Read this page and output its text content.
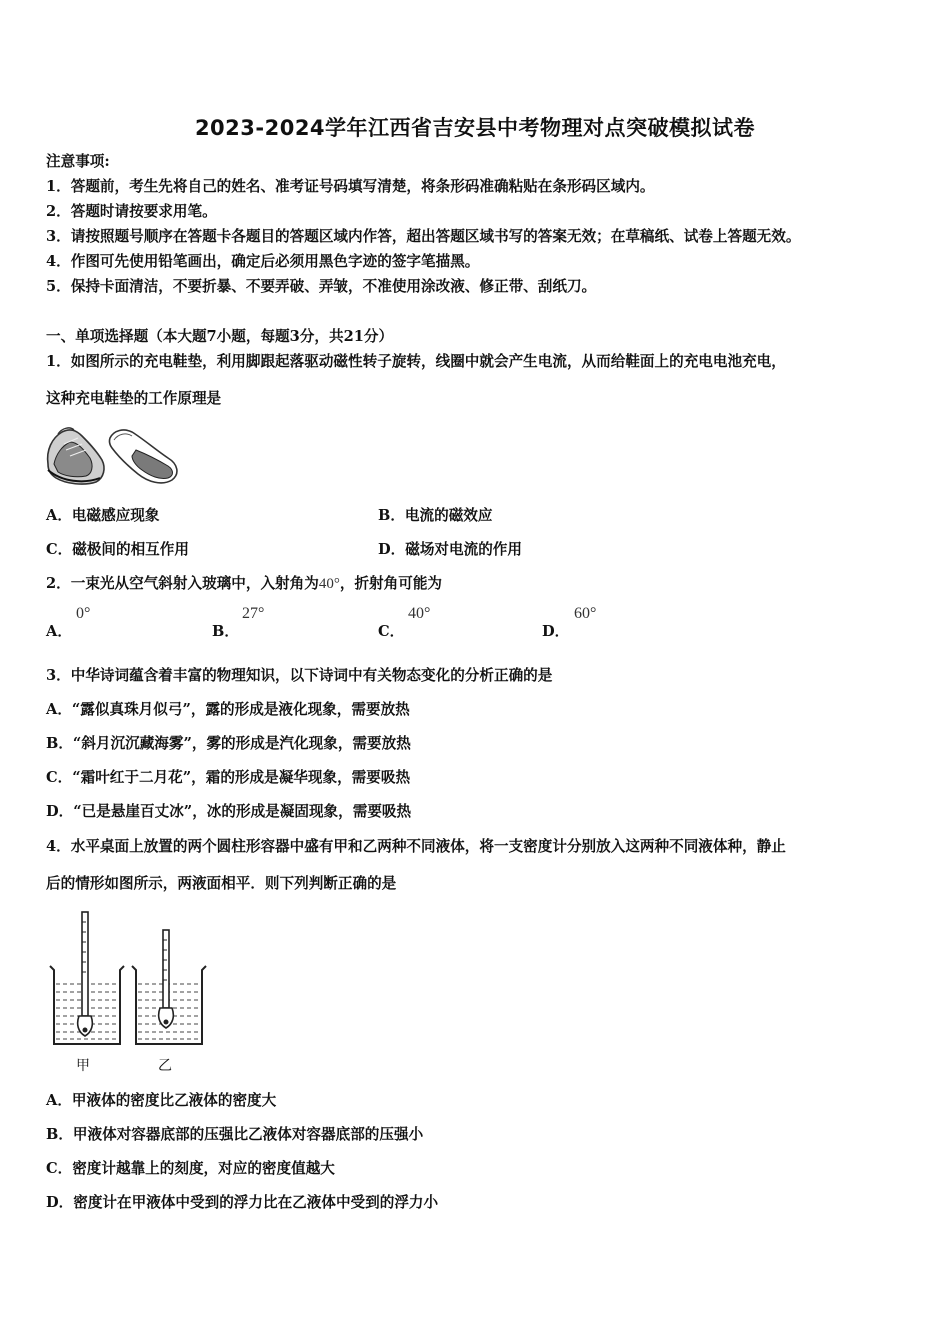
2023-2024学年江西省吉安县中考物理对点突破模拟试卷
注意事项:
1．答题前，考生先将自己的姓名、准考证号码填写清楚，将条形码准确粘贴在条形码区域内。
2．答题时请按要求用笔。
3．请按照题号顺序在答题卡各题目的答题区域内作答，超出答题区域书写的答案无效；在草稿纸、试卷上答题无效。
4．作图可先使用铅笔画出，确定后必须用黑色字迹的签字笔描黑。
5．保持卡面清洁，不要折暴、不要弄破、弄皱，不准使用涂改液、修正带、刮纸刀。
一、单项选择题（本大题7小题，每题3分，共21分）
1．如图所示的充电鞋垫，利用脚跟起落驱动磁性转子旋转，线圈中就会产生电流，从而给鞋面上的充电电池充电，
这种充电鞋垫的工作原理是
A．电磁感应现象	B．电流的磁效应
C．磁极间的相互作用	D．磁场对电流的作用
2．一束光从空气斜射入玻璃中，入射角为40°，折射角可能为
A．
0°
B．
27°
C．
40°
D．
60°
3．中华诗词蕴含着丰富的物理知识，以下诗词中有关物态变化的分析正确的是
A．“露似真珠月似弓”，露的形成是液化现象，需要放热
B．“斜月沉沉藏海雾”，雾的形成是汽化现象，需要放热
C．“霜叶红于二月花”，霜的形成是凝华现象，需要吸热
D．“已是悬崖百丈冰”，冰的形成是凝固现象，需要吸热
4．水平桌面上放置的两个圆柱形容器中盛有甲和乙两种不同液体，将一支密度计分别放入这两种不同液体种，静止
后的情形如图所示，两液面相平．则下列判断正确的是
甲	乙
A．甲液体的密度比乙液体的密度大
B．甲液体对容器底部的压强比乙液体对容器底部的压强小
C．密度计越靠上的刻度，对应的密度值越大
D．密度计在甲液体中受到的浮力比在乙液体中受到的浮力小
